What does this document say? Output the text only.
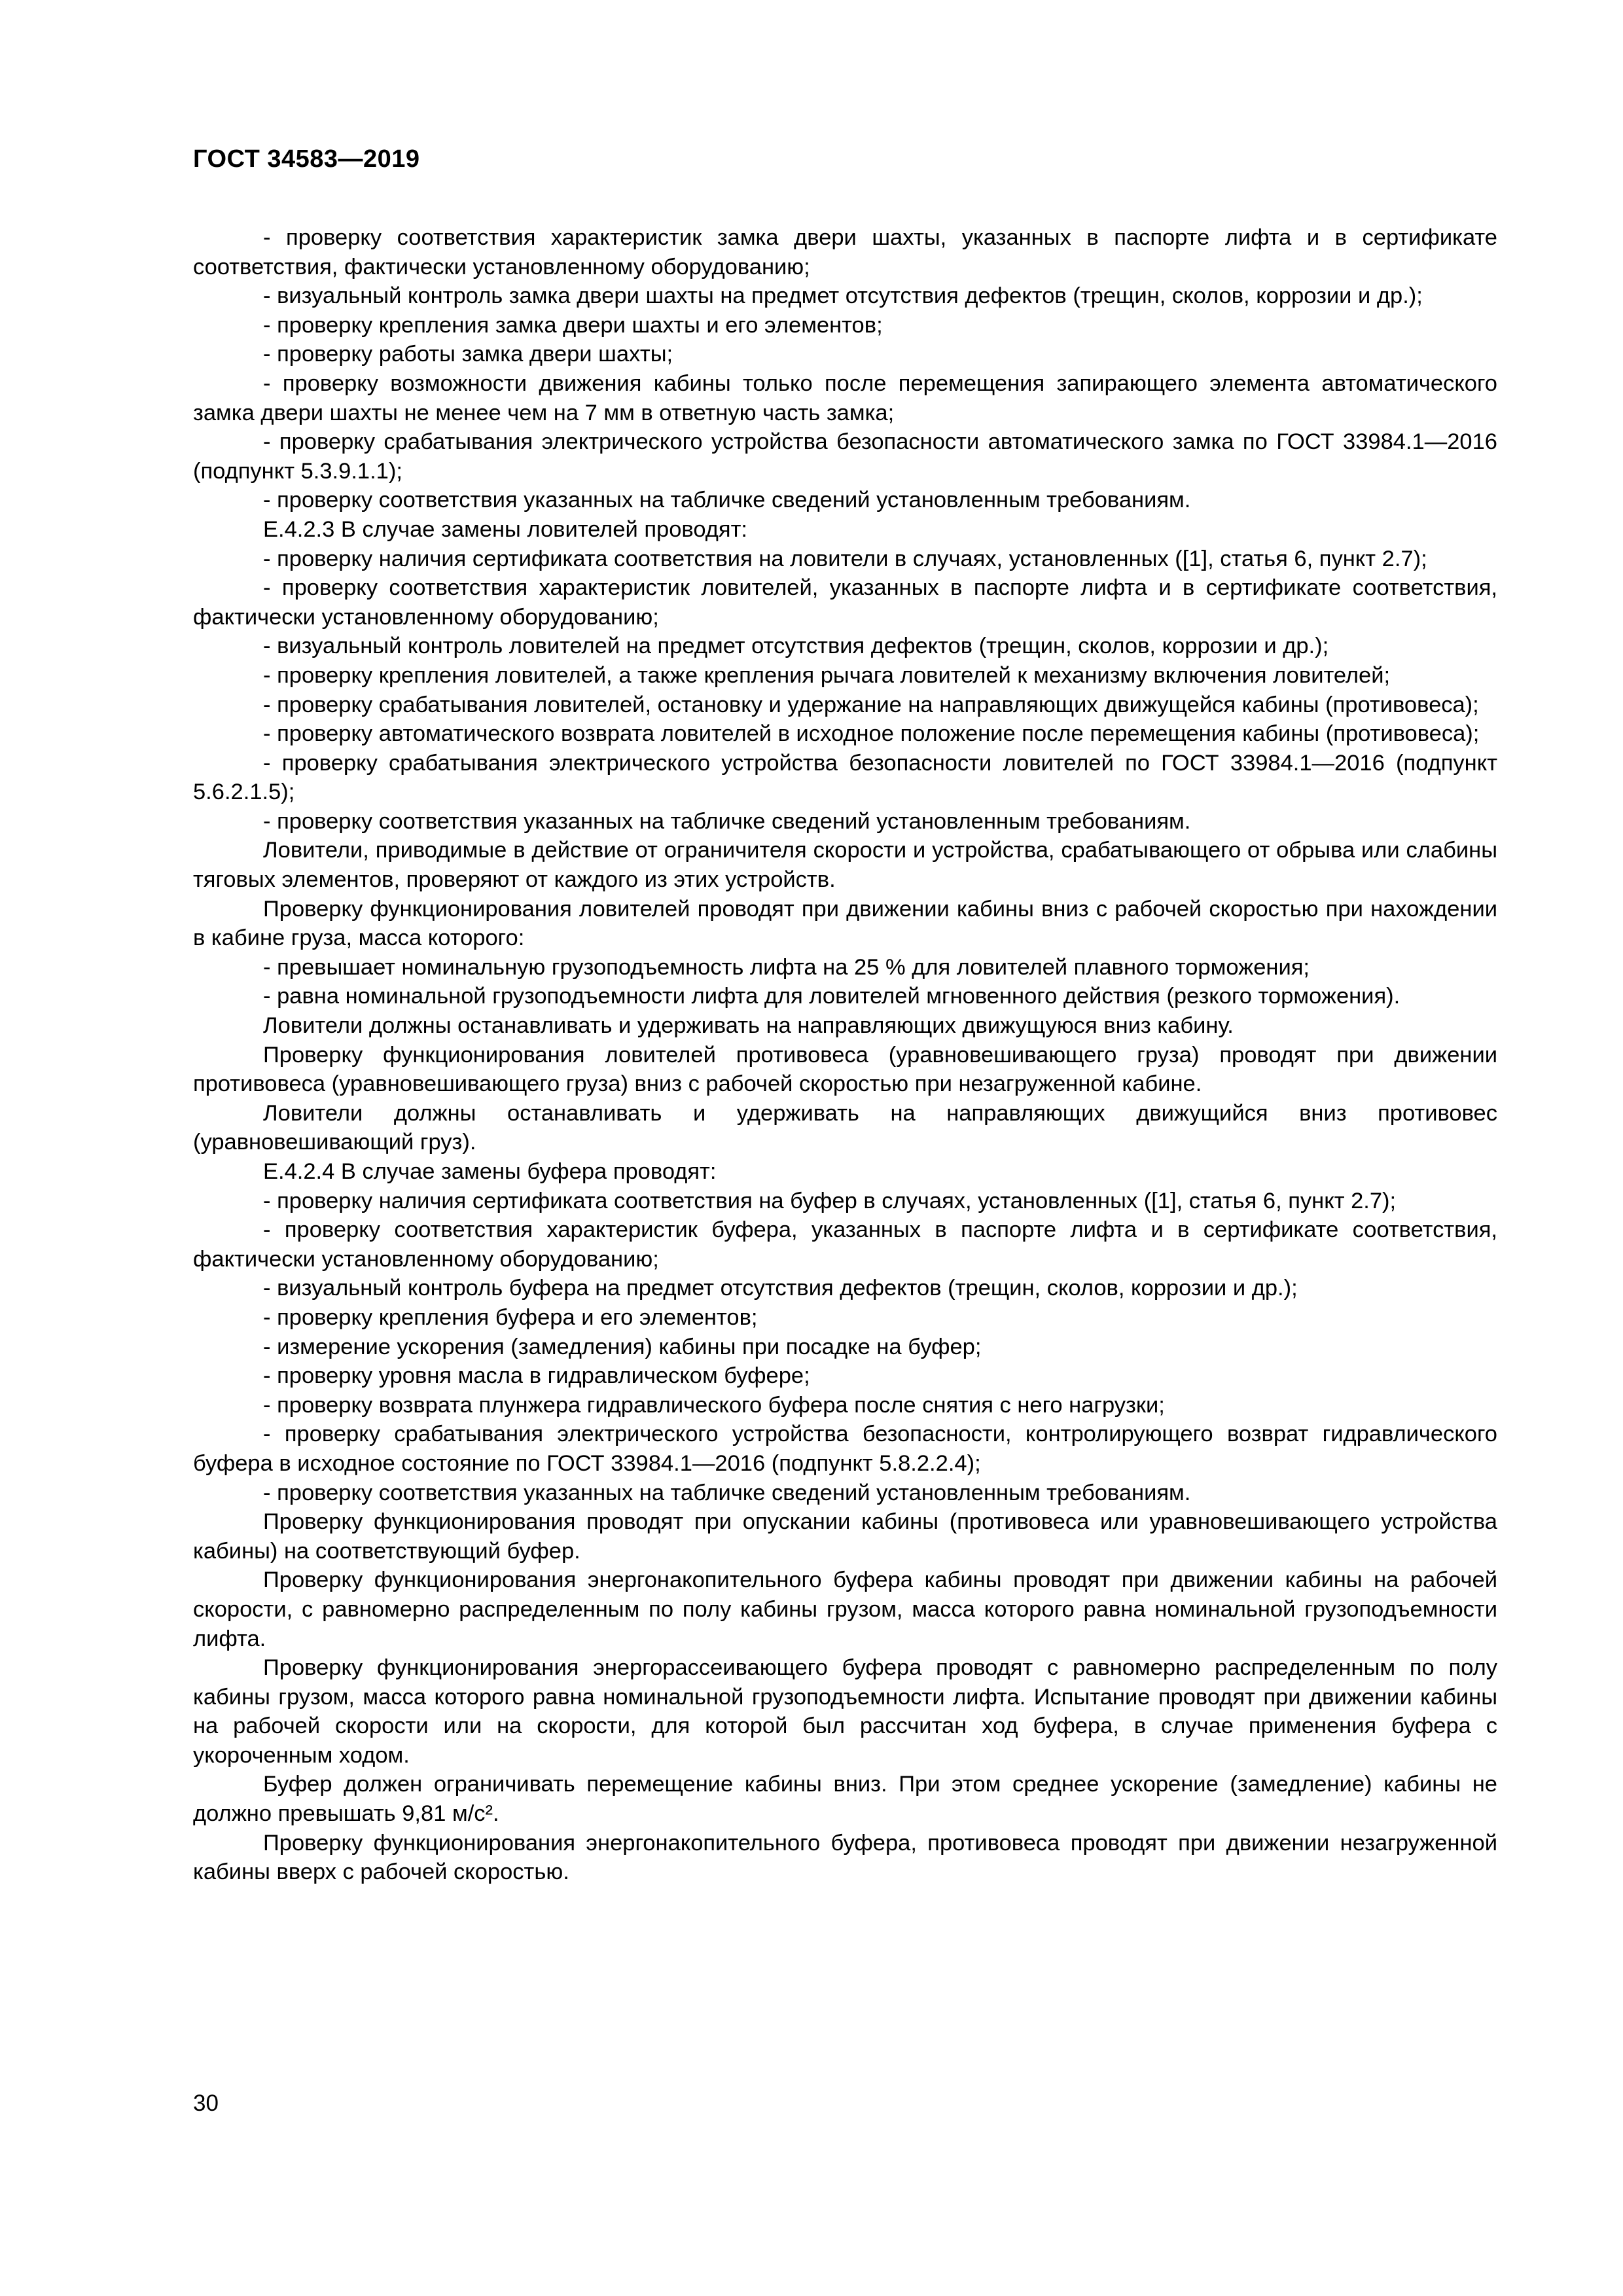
ГОСТ 34583—2019

- проверку соответствия характеристик замка двери шахты, указанных в паспорте лифта и в сертификате соответствия, фактически установленному оборудованию;

- визуальный контроль замка двери шахты на предмет отсутствия дефектов (трещин, сколов, коррозии и др.);

- проверку крепления замка двери шахты и его элементов;

- проверку работы замка двери шахты;

- проверку возможности движения кабины только после перемещения запирающего элемента автоматического замка двери шахты не менее чем на 7 мм в ответную часть замка;

- проверку срабатывания электрического устройства безопасности автоматического замка по ГОСТ 33984.1—2016 (подпункт 5.3.9.1.1);

- проверку соответствия указанных на табличке сведений установленным требованиям.

Е.4.2.3 В случае замены ловителей проводят:

- проверку наличия сертификата соответствия на ловители в случаях, установленных ([1], статья 6, пункт 2.7);

- проверку соответствия характеристик ловителей, указанных в паспорте лифта и в сертификате соответствия, фактически установленному оборудованию;

- визуальный контроль ловителей на предмет отсутствия дефектов (трещин, сколов, коррозии и др.);

- проверку крепления ловителей, а также крепления рычага ловителей к механизму включения ловителей;

- проверку срабатывания ловителей, остановку и удержание на направляющих движущейся кабины (противовеса);

- проверку автоматического возврата ловителей в исходное положение после перемещения кабины (противовеса);

- проверку срабатывания электрического устройства безопасности ловителей по ГОСТ 33984.1—2016 (подпункт 5.6.2.1.5);

- проверку соответствия указанных на табличке сведений установленным требованиям.

Ловители, приводимые в действие от ограничителя скорости и устройства, срабатывающего от обрыва или слабины тяговых элементов, проверяют от каждого из этих устройств.

Проверку функционирования ловителей проводят при движении кабины вниз с рабочей скоростью при нахождении в кабине груза, масса которого:

- превышает номинальную грузоподъемность лифта на 25 % для ловителей плавного торможения;

- равна номинальной грузоподъемности лифта для ловителей мгновенного действия (резкого торможения).

Ловители должны останавливать и удерживать на направляющих движущуюся вниз кабину.

Проверку функционирования ловителей противовеса (уравновешивающего груза) проводят при движении противовеса (уравновешивающего груза) вниз с рабочей скоростью при незагруженной кабине.

Ловители должны останавливать и удерживать на направляющих движущийся вниз противовес (уравновешивающий груз).

Е.4.2.4 В случае замены буфера проводят:

- проверку наличия сертификата соответствия на буфер в случаях, установленных ([1], статья 6, пункт 2.7);

- проверку соответствия характеристик буфера, указанных в паспорте лифта и в сертификате соответствия, фактически установленному оборудованию;

- визуальный контроль буфера на предмет отсутствия дефектов (трещин, сколов, коррозии и др.);

- проверку крепления буфера и его элементов;

- измерение ускорения (замедления) кабины при посадке на буфер;

- проверку уровня масла в гидравлическом буфере;

- проверку возврата плунжера гидравлического буфера после снятия с него нагрузки;

- проверку срабатывания электрического устройства безопасности, контролирующего возврат гидравлического буфера в исходное состояние по ГОСТ 33984.1—2016 (подпункт 5.8.2.2.4);

- проверку соответствия указанных на табличке сведений установленным требованиям.

Проверку функционирования проводят при опускании кабины (противовеса или уравновешивающего устройства кабины) на соответствующий буфер.

Проверку функционирования энергонакопительного буфера кабины проводят при движении кабины на рабочей скорости, с равномерно распределенным по полу кабины грузом, масса которого равна номинальной грузоподъемности лифта.

Проверку функционирования энергорассеивающего буфера проводят с равномерно распределенным по полу кабины грузом, масса которого равна номинальной грузоподъемности лифта. Испытание проводят при движении кабины на рабочей скорости или на скорости, для которой был рассчитан ход буфера, в случае применения буфера с укороченным ходом.

Буфер должен ограничивать перемещение кабины вниз. При этом среднее ускорение (замедление) кабины не должно превышать 9,81 м/с².

Проверку функционирования энергонакопительного буфера, противовеса проводят при движении незагруженной кабины вверх с рабочей скоростью.

30
